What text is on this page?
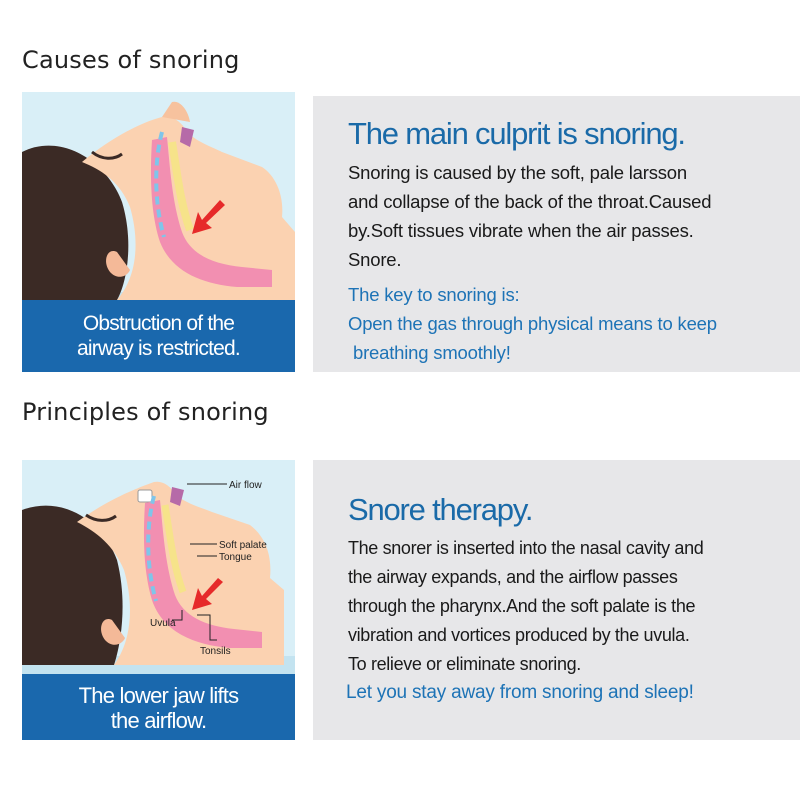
Causes of snoring
Obstruction of the
airway is restricted.
The main culprit is snoring.
Snoring is caused by the soft, pale larsson
and collapse of the back of the throat.Caused
by.Soft tissues vibrate when the air passes.
Snore.
The key to snoring is:
Open the gas through physical means to keep
breathing smoothly!
Principles of snoring
Air flow
Soft palate
Tongue
Uvula
Tonsils
The lower jaw lifts
the airflow.
Snore therapy.
The snorer is inserted into the nasal cavity and
the airway expands, and the airflow passes
through the pharynx.And the soft palate is the
vibration and vortices produced by the uvula.
To relieve or eliminate snoring.
Let you stay away from snoring and sleep!
